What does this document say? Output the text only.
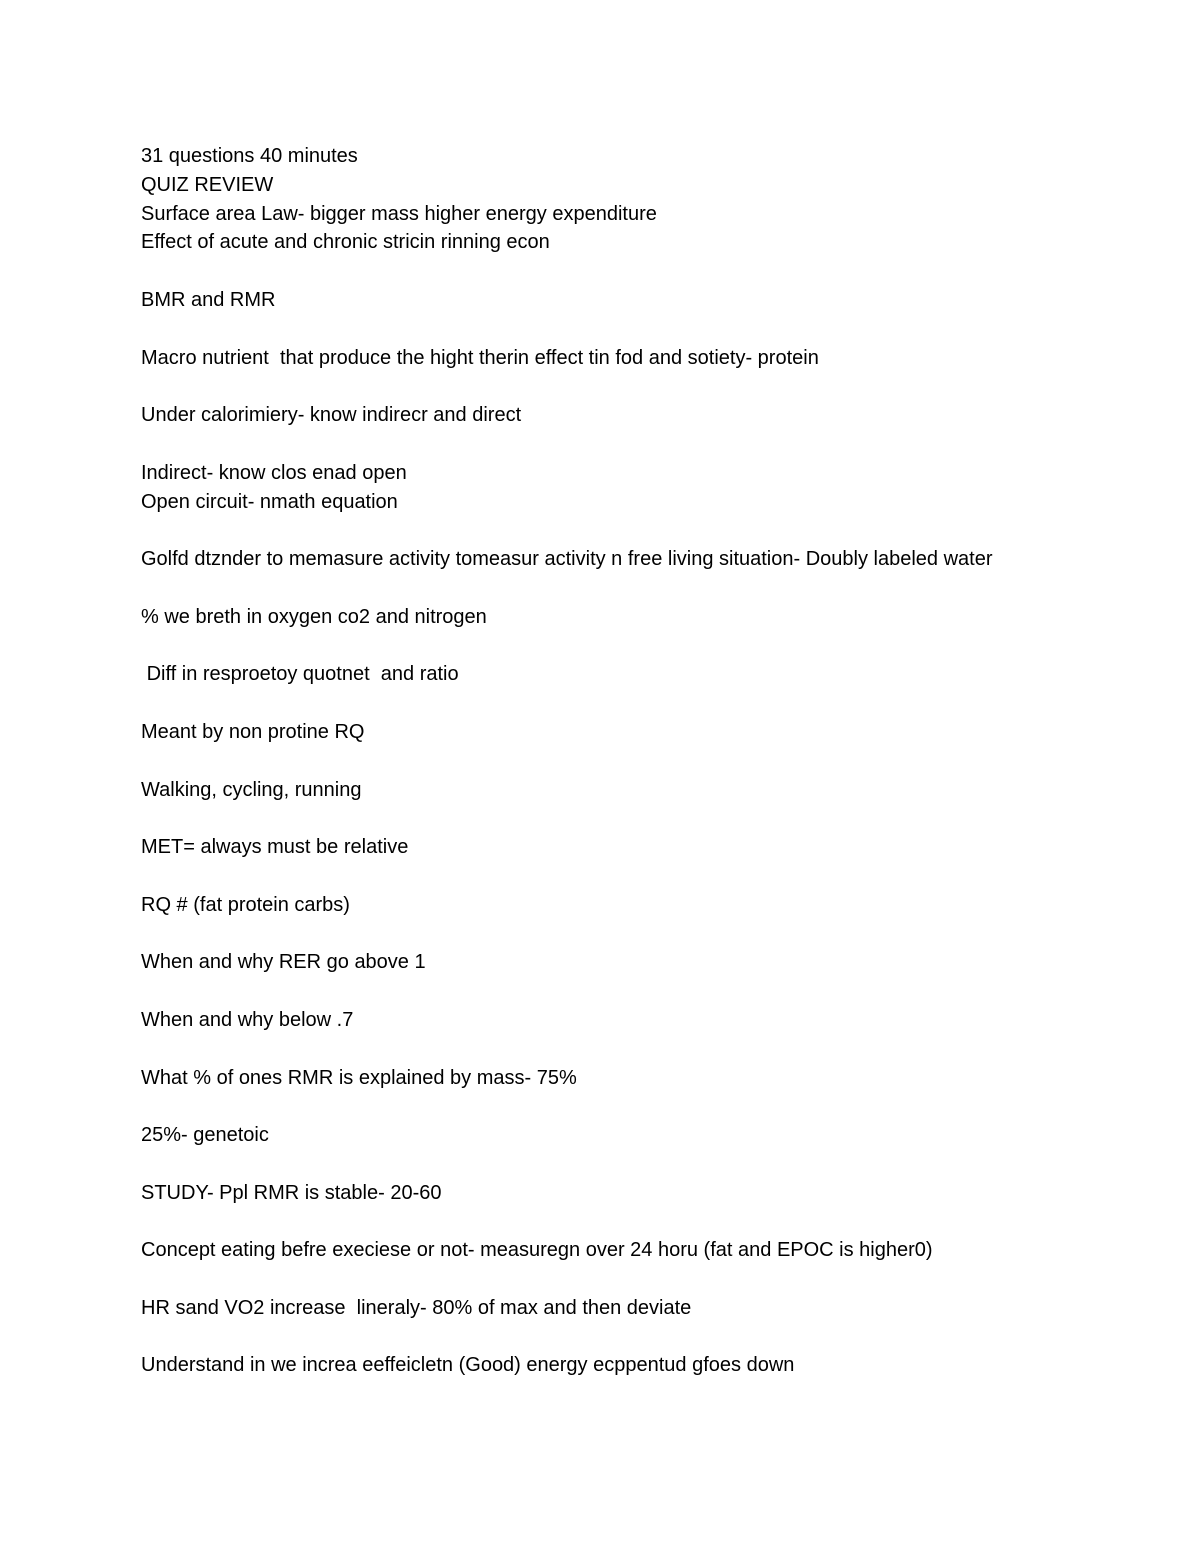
31 questions 40 minutes

QUIZ REVIEW

Surface area Law- bigger mass higher energy expenditure

Effect of acute and chronic stricin rinning econ

BMR and RMR

Macro nutrient  that produce the hight therin effect tin fod and sotiety- protein

Under calorimiery- know indirecr and direct

Indirect- know clos enad open

Open circuit- nmath equation

Golfd dtznder to memasure activity tomeasur activity n free living situation- Doubly labeled water

% we breth in oxygen co2 and nitrogen

Diff in resproetoy quotnet  and ratio

Meant by non protine RQ

Walking, cycling, running

MET= always must be relative

RQ # (fat protein carbs)

When and why RER go above 1

When and why below .7

What % of ones RMR is explained by mass- 75%

25%- genetoic

STUDY- Ppl RMR is stable- 20-60

Concept eating befre execiese or not- measuregn over 24 horu (fat and EPOC is higher0)

HR sand VO2 increase  lineraly- 80% of max and then deviate

Understand in we increa eeffeicletn (Good) energy ecppentud gfoes down
